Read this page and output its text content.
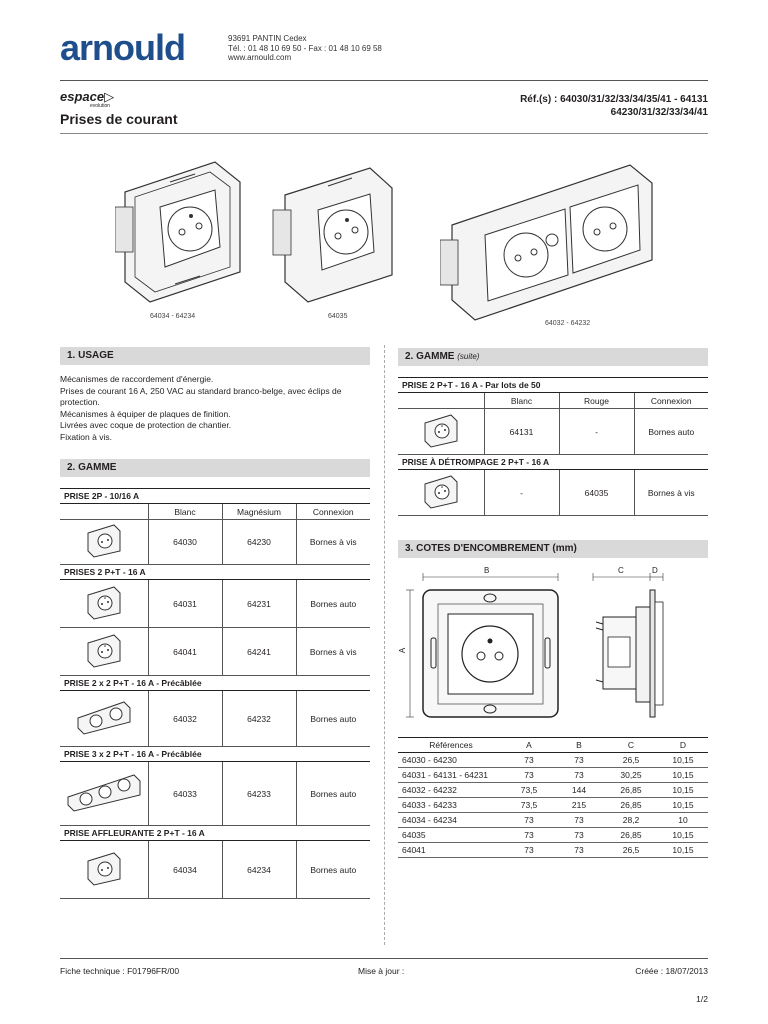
arnould	93691 PANTIN Cedex
Tél. : 01 48 10 69 50 - Fax : 01 48 10 69 58
www.arnould.com
espace▷
evolution
Prises de courant
Réf.(s) : 64030/31/32/33/34/35/41 - 64131
64230/31/32/33/34/41
64034 - 64234	64035
64032 - 64232
1. USAGE
Mécanismes de raccordement d'énergie.
Prises de courant 16 A, 250 VAC au standard branco-belge, avec éclips de protection.
Mécanismes à équiper de plaques de finition.
Livrées avec coque de protection de chantier.
Fixation à vis.
2. GAMME
PRISE 2P - 10/16 A			
	Blanc	Magnésium	Connexion
	64030	64230	Bornes à vis
PRISES 2 P+T - 16 A			
	64031	64231	Bornes auto
	64041	64241	Bornes à vis
PRISE 2 x 2 P+T - 16 A - Précâblée			
	64032	64232	Bornes auto
PRISE 3 x 2 P+T - 16 A - Précâblée			
	64033	64233	Bornes auto
PRISE AFFLEURANTE 2 P+T - 16 A			
	64034	64234	Bornes auto
2. GAMME (suite)
PRISE 2 P+T - 16 A - Par lots de 50			
	Blanc	Rouge	Connexion
	64131	-	Bornes auto
PRISE À DÉTROMPAGE 2 P+T - 16 A			
	-	64035	Bornes à vis
3. COTES D'ENCOMBREMENT (mm)
B
A
C	D
Références	A	B	C	D
64030 - 64230	73	73	26,5	10,15
64031 - 64131 - 64231	73	73	30,25	10,15
64032 - 64232	73,5	144	26,85	10,15
64033 - 64233	73,5	215	26,85	10,15
64034 - 64234	73	73	28,2	10
64035	73	73	26,85	10,15
64041	73	73	26,5	10,15
Fiche technique : F01796FR/00	Mise à jour :	Créée : 18/07/2013
1/2
